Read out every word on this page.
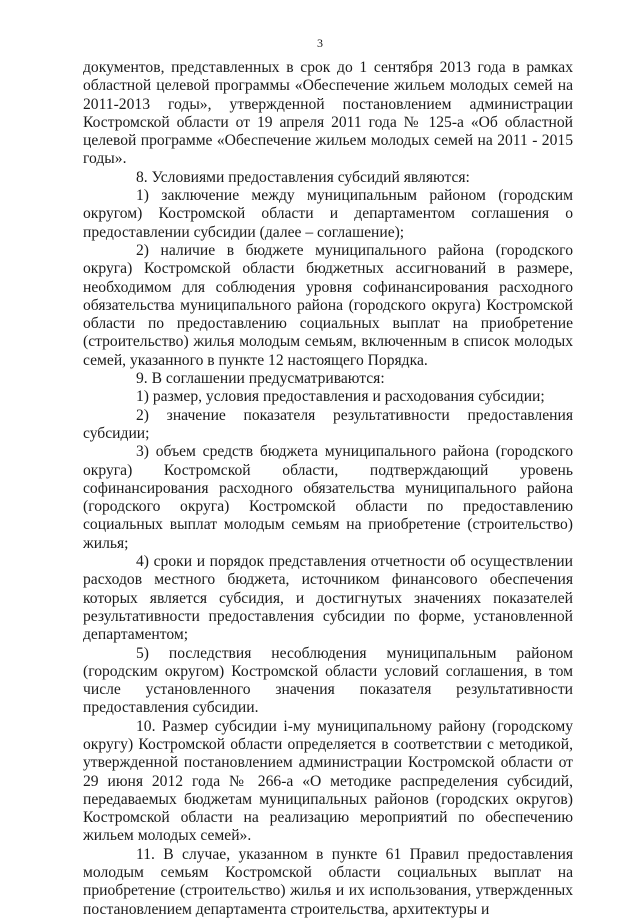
3

документов, представленных в срок до 1 сентября 2013 года в рамках областной целевой программы «Обеспечение жильем молодых семей на 2011-2013 годы», утвержденной постановлением администрации Костромской области от 19 апреля 2011 года № 125-а «Об областной целевой программе «Обеспечение жильем молодых семей на 2011 - 2015 годы».

8. Условиями предоставления субсидий являются:

1) заключение между муниципальным районом (городским округом) Костромской области и департаментом соглашения о предоставлении субсидии (далее – соглашение);

2) наличие в бюджете муниципального района (городского округа) Костромской области бюджетных ассигнований в размере, необходимом для соблюдения уровня софинансирования расходного обязательства муниципального района (городского округа) Костромской области по предоставлению социальных выплат на приобретение (строительство) жилья молодым семьям, включенным в список молодых семей, указанного в пункте 12 настоящего Порядка.

9. В соглашении предусматриваются:

1) размер, условия предоставления и расходования субсидии;

2) значение показателя результативности предоставления субсидии;

3) объем средств бюджета муниципального района (городского округа) Костромской области, подтверждающий уровень софинансирования расходного обязательства муниципального района (городского округа) Костромской области по предоставлению социальных выплат молодым семьям на приобретение (строительство) жилья;

4) сроки и порядок представления отчетности об осуществлении расходов местного бюджета, источником финансового обеспечения которых является субсидия, и достигнутых значениях показателей результативности предоставления субсидии по форме, установленной департаментом;

5) последствия несоблюдения муниципальным районом (городским округом) Костромской области условий соглашения, в том числе установленного значения показателя результативности предоставления субсидии.

10. Размер субсидии i-му муниципальному району (городскому округу) Костромской области определяется в соответствии с методикой, утвержденной постановлением администрации Костромской области от 29 июня 2012 года № 266-а «О методике распределения субсидий, передаваемых бюджетам муниципальных районов (городских округов) Костромской области на реализацию мероприятий по обеспечению жильем молодых семей».

11. В случае, указанном в пункте 61 Правил предоставления молодым семьям Костромской области социальных выплат на приобретение (строительство) жилья и их использования, утвержденных постановлением департамента строительства, архитектуры и
